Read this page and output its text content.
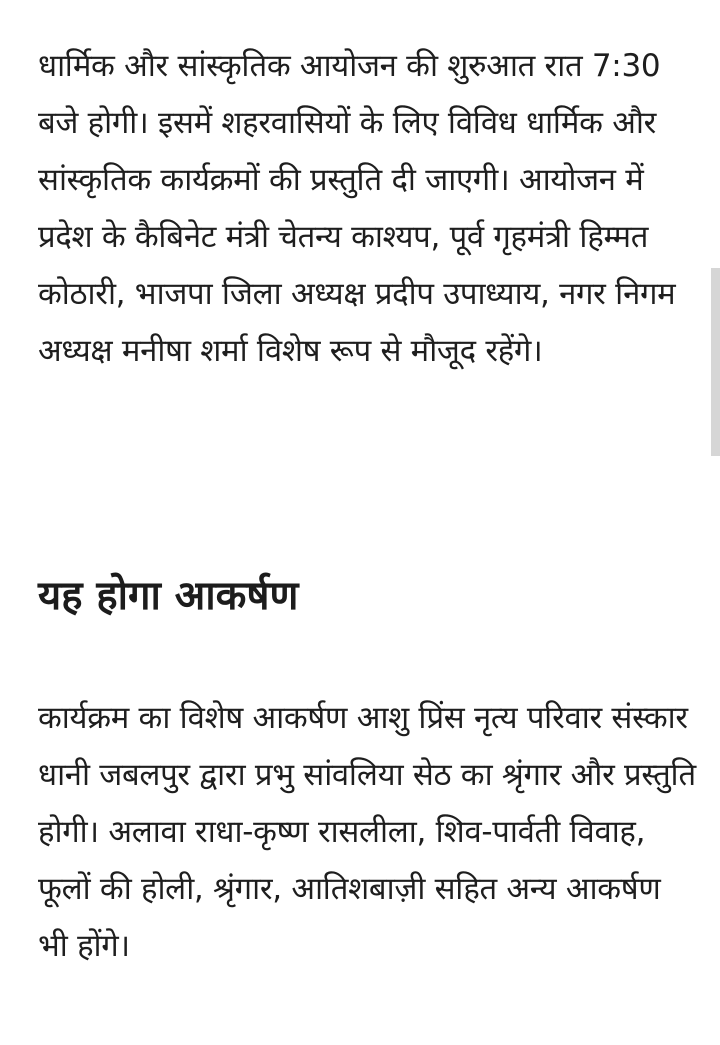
धार्मिक और सांस्कृतिक आयोजन की शुरुआत रात 7:30 बजे होगी। इसमें शहरवासियों के लिए विविध धार्मिक और सांस्कृतिक कार्यक्रमों की प्रस्तुति दी जाएगी। आयोजन में प्रदेश के कैबिनेट मंत्री चेतन्य काश्यप, पूर्व गृहमंत्री हिम्मत कोठारी, भाजपा जिला अध्यक्ष प्रदीप उपाध्याय, नगर निगम अध्यक्ष मनीषा शर्मा विशेष रूप से मौजूद रहेंगे।

यह होगा आकर्षण

कार्यक्रम का विशेष आकर्षण आशु प्रिंस नृत्य परिवार संस्कार धानी जबलपुर द्वारा प्रभु सांवलिया सेठ का श्रृंगार और प्रस्तुति होगी। अलावा राधा-कृष्ण रासलीला, शिव-पार्वती विवाह, फूलों की होली, श्रृंगार, आतिशबाज़ी सहित अन्य आकर्षण भी होंगे।
